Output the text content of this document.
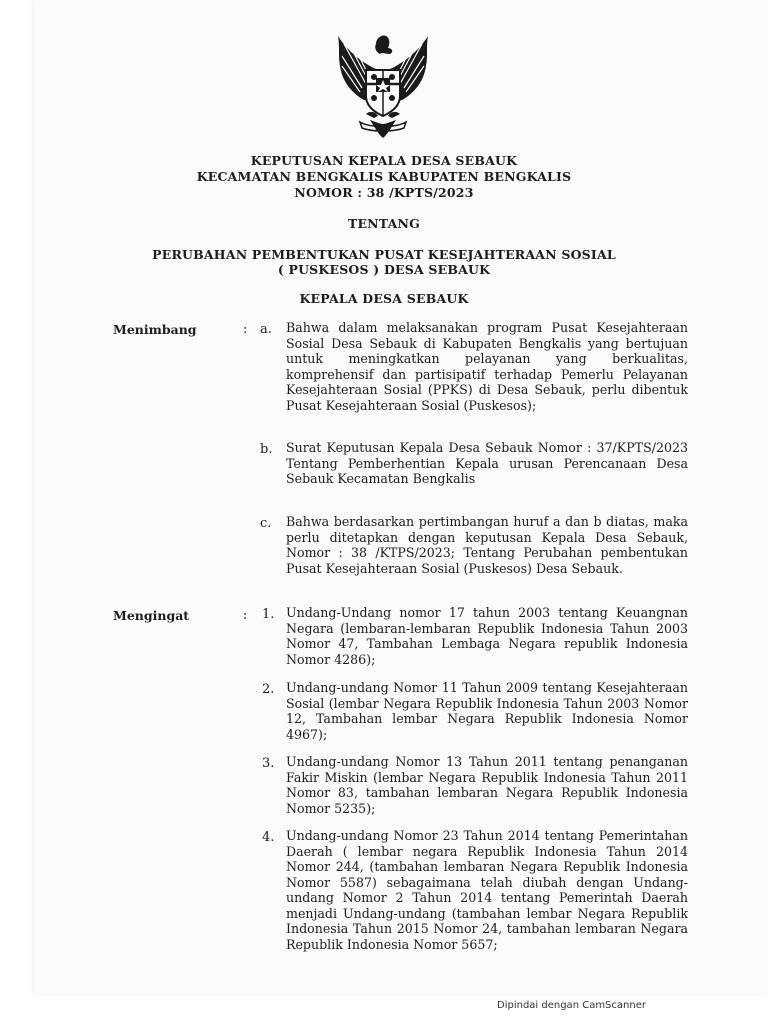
KEPUTUSAN KEPALA DESA SEBAUK
KECAMATAN BENGKALIS KABUPATEN BENGKALIS
NOMOR : 38 /KPTS/2023
TENTANG
PERUBAHAN PEMBENTUKAN PUSAT KESEJAHTERAAN SOSIAL
( PUSKESOS ) DESA SEBAUK
KEPALA DESA SEBAUK
Menimbang	: a. Bahwa dalam melaksanakan program Pusat Kesejahteraan Sosial Desa Sebauk di Kabupaten Bengkalis yang bertujuan untuk meningkatkan pelayanan yang berkualitas, komprehensif dan partisipatif terhadap Pemerlu Pelayanan Kesejahteraan Sosial (PPKS) di Desa Sebauk, perlu dibentuk Pusat Kesejahteraan Sosial (Puskesos);
b. Surat Keputusan Kepala Desa Sebauk Nomor : 37/KPTS/2023 Tentang Pemberhentian Kepala urusan Perencanaan Desa Sebauk Kecamatan Bengkalis
c. Bahwa berdasarkan pertimbangan huruf a dan b diatas, maka perlu ditetapkan dengan keputusan Kepala Desa Sebauk, Nomor : 38 /KTPS/2023; Tentang Perubahan pembentukan Pusat Kesejahteraan Sosial (Puskesos) Desa Sebauk.
Mengingat	: 1. Undang-Undang nomor 17 tahun 2003 tentang Keuangnan Negara (lembaran-lembaran Republik Indonesia Tahun 2003 Nomor 47, Tambahan Lembaga Negara republik Indonesia Nomor 4286);
2. Undang-undang Nomor 11 Tahun 2009 tentang Kesejahteraan Sosial (lembar Negara Republik Indonesia Tahun 2003 Nomor 12, Tambahan lembar Negara Republik Indonesia Nomor 4967);
3. Undang-undang Nomor 13 Tahun 2011 tentang penanganan Fakir Miskin (lembar Negara Republik Indonesia Tahun 2011 Nomor 83, tambahan lembaran Negara Republik Indonesia Nomor 5235);
4. Undang-undang Nomor 23 Tahun 2014 tentang Pemerintahan Daerah ( lembar negara Republik Indonesia Tahun 2014 Nomor 244, (tambahan lembaran Negara Republik Indonesia Nomor 5587) sebagaimana telah diubah dengan Undang-undang Nomor 2 Tahun 2014 tentang Pemerintah Daerah menjadi Undang-undang (tambahan lembar Negara Republik Indonesia Tahun 2015 Nomor 24, tambahan lembaran Negara Republik Indonesia Nomor 5657;
Dipindai dengan CamScanner
